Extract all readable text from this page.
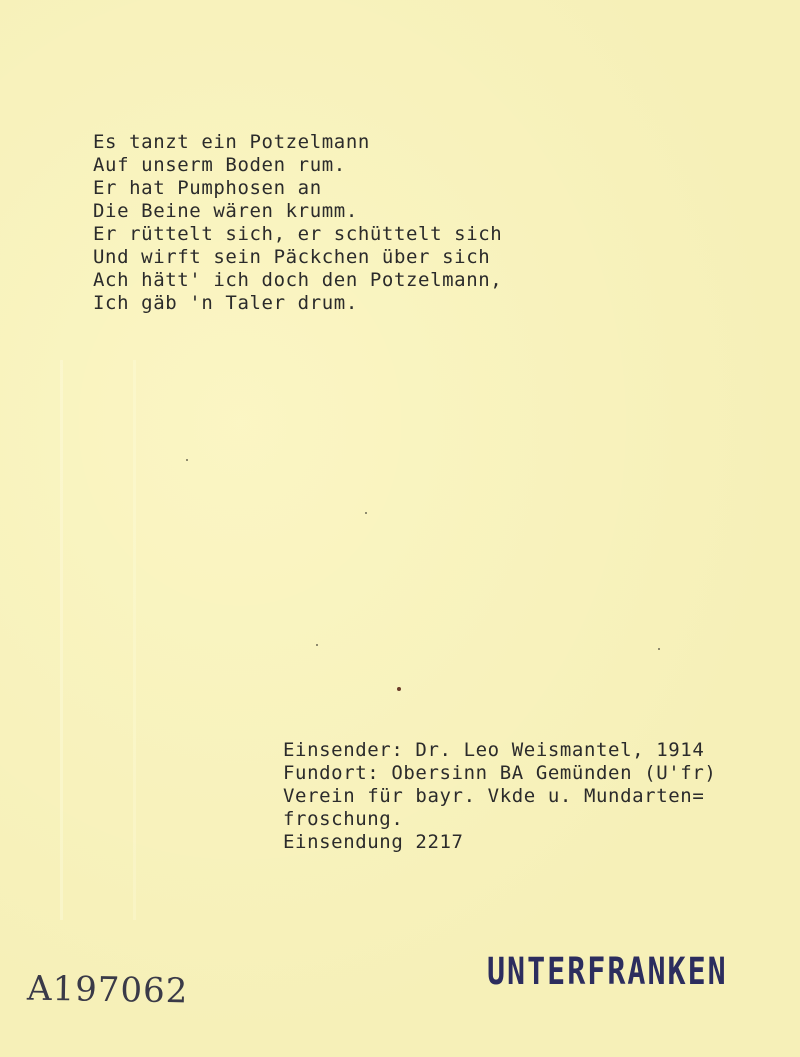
Es tanzt ein Potzelmann
Auf unserm Boden rum.
Er hat Pumphosen an
Die Beine wären krumm.
Er rüttelt sich, er schüttelt sich
Und wirft sein Päckchen über sich
Ach hätt' ich doch den Potzelmann,
Ich gäb 'n Taler drum.
Einsender: Dr. Leo Weismantel, 1914
Fundort: Obersinn BA Gemünden (U'fr)
Verein für bayr. Vkde u. Mundarten=
froschung.
Einsendung 2217
A197062	UNTERFRANKEN
